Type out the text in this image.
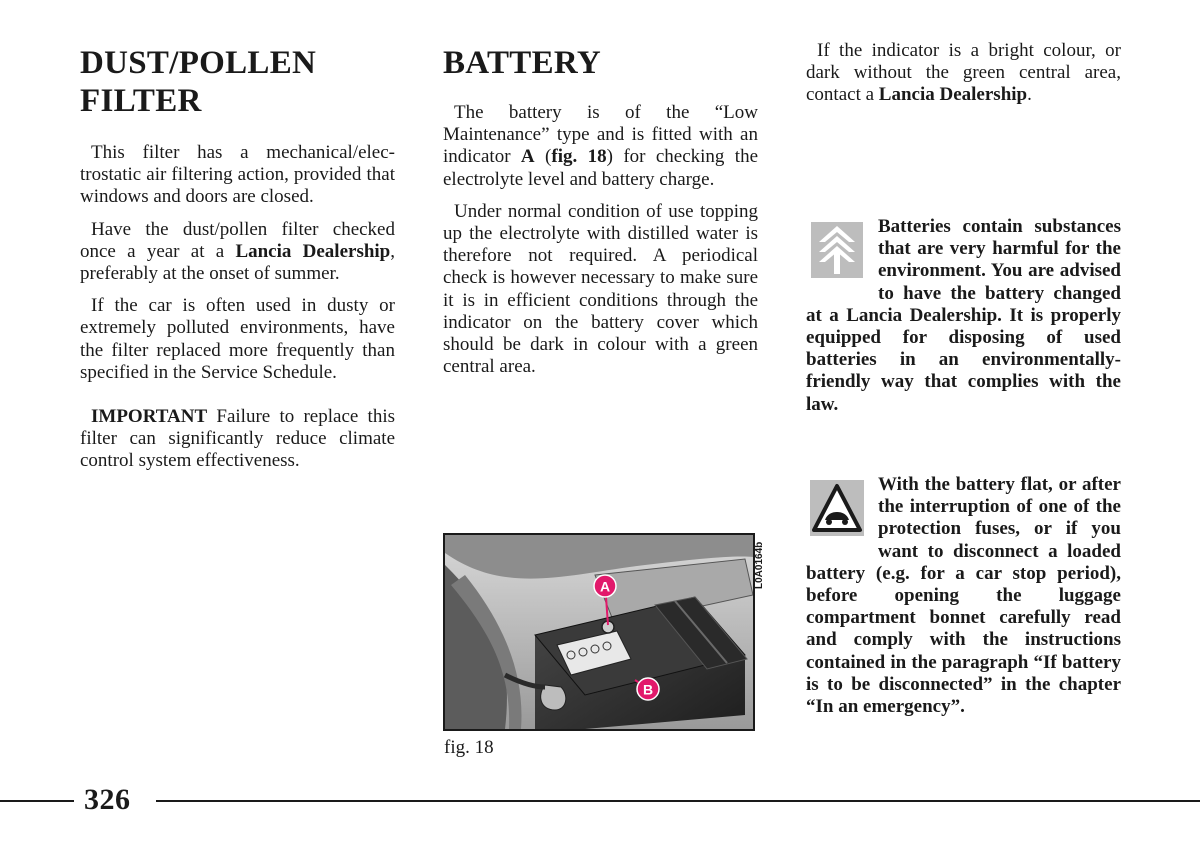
DUST/POLLEN
FILTER

This filter has a mechanical/electrostatic air filtering action, provided that windows and doors are closed.

Have the dust/pollen filter checked once a year at a Lancia Dealership, preferably at the onset of summer.

If the car is often used in dusty or extremely polluted environments, have the filter replaced more frequently than specified in the Service Schedule.

IMPORTANT Failure to replace this filter can significantly reduce climate control system effectiveness.

BATTERY

The battery is of the “Low Maintenance” type and is fitted with an indicator A (fig. 18) for checking the electrolyte level and battery charge.

Under normal condition of use topping up the electrolyte with distilled water is therefore not required. A periodical check is however necessary to make sure it is in efficient conditions through the indicator on the battery cover which should be dark in colour with a green central area.

A
B
L0A0164b
fig. 18

If the indicator is a bright colour, or dark without the green central area, contact a Lancia Dealership.

Batteries contain substances that are very harmful for the environment. You are advised to have the battery changed at a Lancia Dealership. It is properly equipped for disposing of used batteries in an environmentally-friendly way that complies with the law.

With the battery flat, or after the interruption of one of the protection fuses, or if you want to disconnect a loaded battery (e.g. for a car stop period), before opening the luggage compartment bonnet carefully read and comply with the instructions contained in the paragraph “If battery is to be disconnected” in the chapter “In an emergency”.

326
